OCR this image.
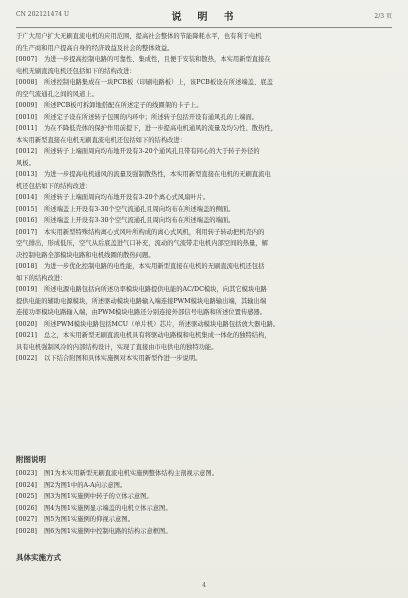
CN 202121474 U	说　明　书	2/3 页
于广大用户扩大无刷直流电机的应用范围，提高社会整体的节能降耗水平，也有利于电机
的生产商和用户提高自身的经济效益及社会的整体效益。
[0007] 为进一步提高控制电路的可靠性、集成性，且便于安装和散热，本实用新型直接在
电机无刷直流电机还包括如下的结构改进：
[0008] 所述控制电路集成在一块PCB板（印刷电路板）上，该PCB板设在所述端盖、底盖
的空气流通孔之间的风道上。
[0009] 所述PCB板可拆卸地搭配在所述定子的线圈架的卡子上。
[0010] 所述定子设在所述转子包围的内环中；所述转子包括开设有通风孔的上端面。
[0011] 为在不降低壳体的保护作用前提下，进一步提高电机通风的流量及均匀性、散热性，
本实用新型直接在电机无刷直流电机还包括如下的结构改进：
[0012] 所述转子上端面周向均布地开设有3-20个通风孔且带有同心的大于转子外径的
风板。
[0013] 为进一步提高电机通风的流量及强制散热性，本实用新型直接在电机的无刷直流电
机还包括如下的结构改进：
[0014] 所述转子上端面周向均布地开设有3-20个离心式风扇叶片。
[0015] 所述端盖上开设有3-30个空气流通孔且周向均布在所述端盖的侧面。
[0016] 所述端盖上开设有3-30个空气流通孔且周向均布在所述端盖的端面。
[0017] 本实用新型特殊结构离心式风叶所构成的离心式风机，利用转子转动把机壳内的
空气排出，形成低压，空气从后底盖进气口补充，流动的气流带走电机内部空间的热量，解
决控制电路全部模块电路和电机线圈的散热问题。
[0018] 为进一步优化控制电路的电性能，本实用新型直接在电机的无刷直流电机还包括
如下的结构改进：
[0019] 所述电源电路包括向所述功率模块电路提供电能的AC/DC模块，向其它模块电路
提供电能的辅助电源模块，所述驱动模块电路输入端连接PWM模块电路输出端，其输出端
连接功率模块电路输入端，由PWM模块电路还分别连接外部信号电路和所述位置传感器。
[0020] 所述PWM模块电路包括MCU（单片机）芯片，所述驱动模块电路包括放大器电路。
[0021] 总之，本实用新型无刷直流电机具有将驱动电路模和电机集成一体化的独特结构，
具有电机强制风冷的内部结构设计，实现了直接由市电供电的独特功能。
[0022] 以下结合附图和具体实施例对本实用新型作进一步说明。
附图说明
[0023] 图1为本实用新型无刷直流电机实施例整体结构主剖视示意图。
[0024] 图2为图1中的A-A向示意图。
[0025] 图3为图1实施例中转子的立体示意图。
[0026] 图4为图1实施例显示端盖的电机立体示意图。
[0027] 图5为图1实施例的仰视示意图。
[0028] 图6为图1实施例中控制电路的结构示意框图。
具体实施方式
4
